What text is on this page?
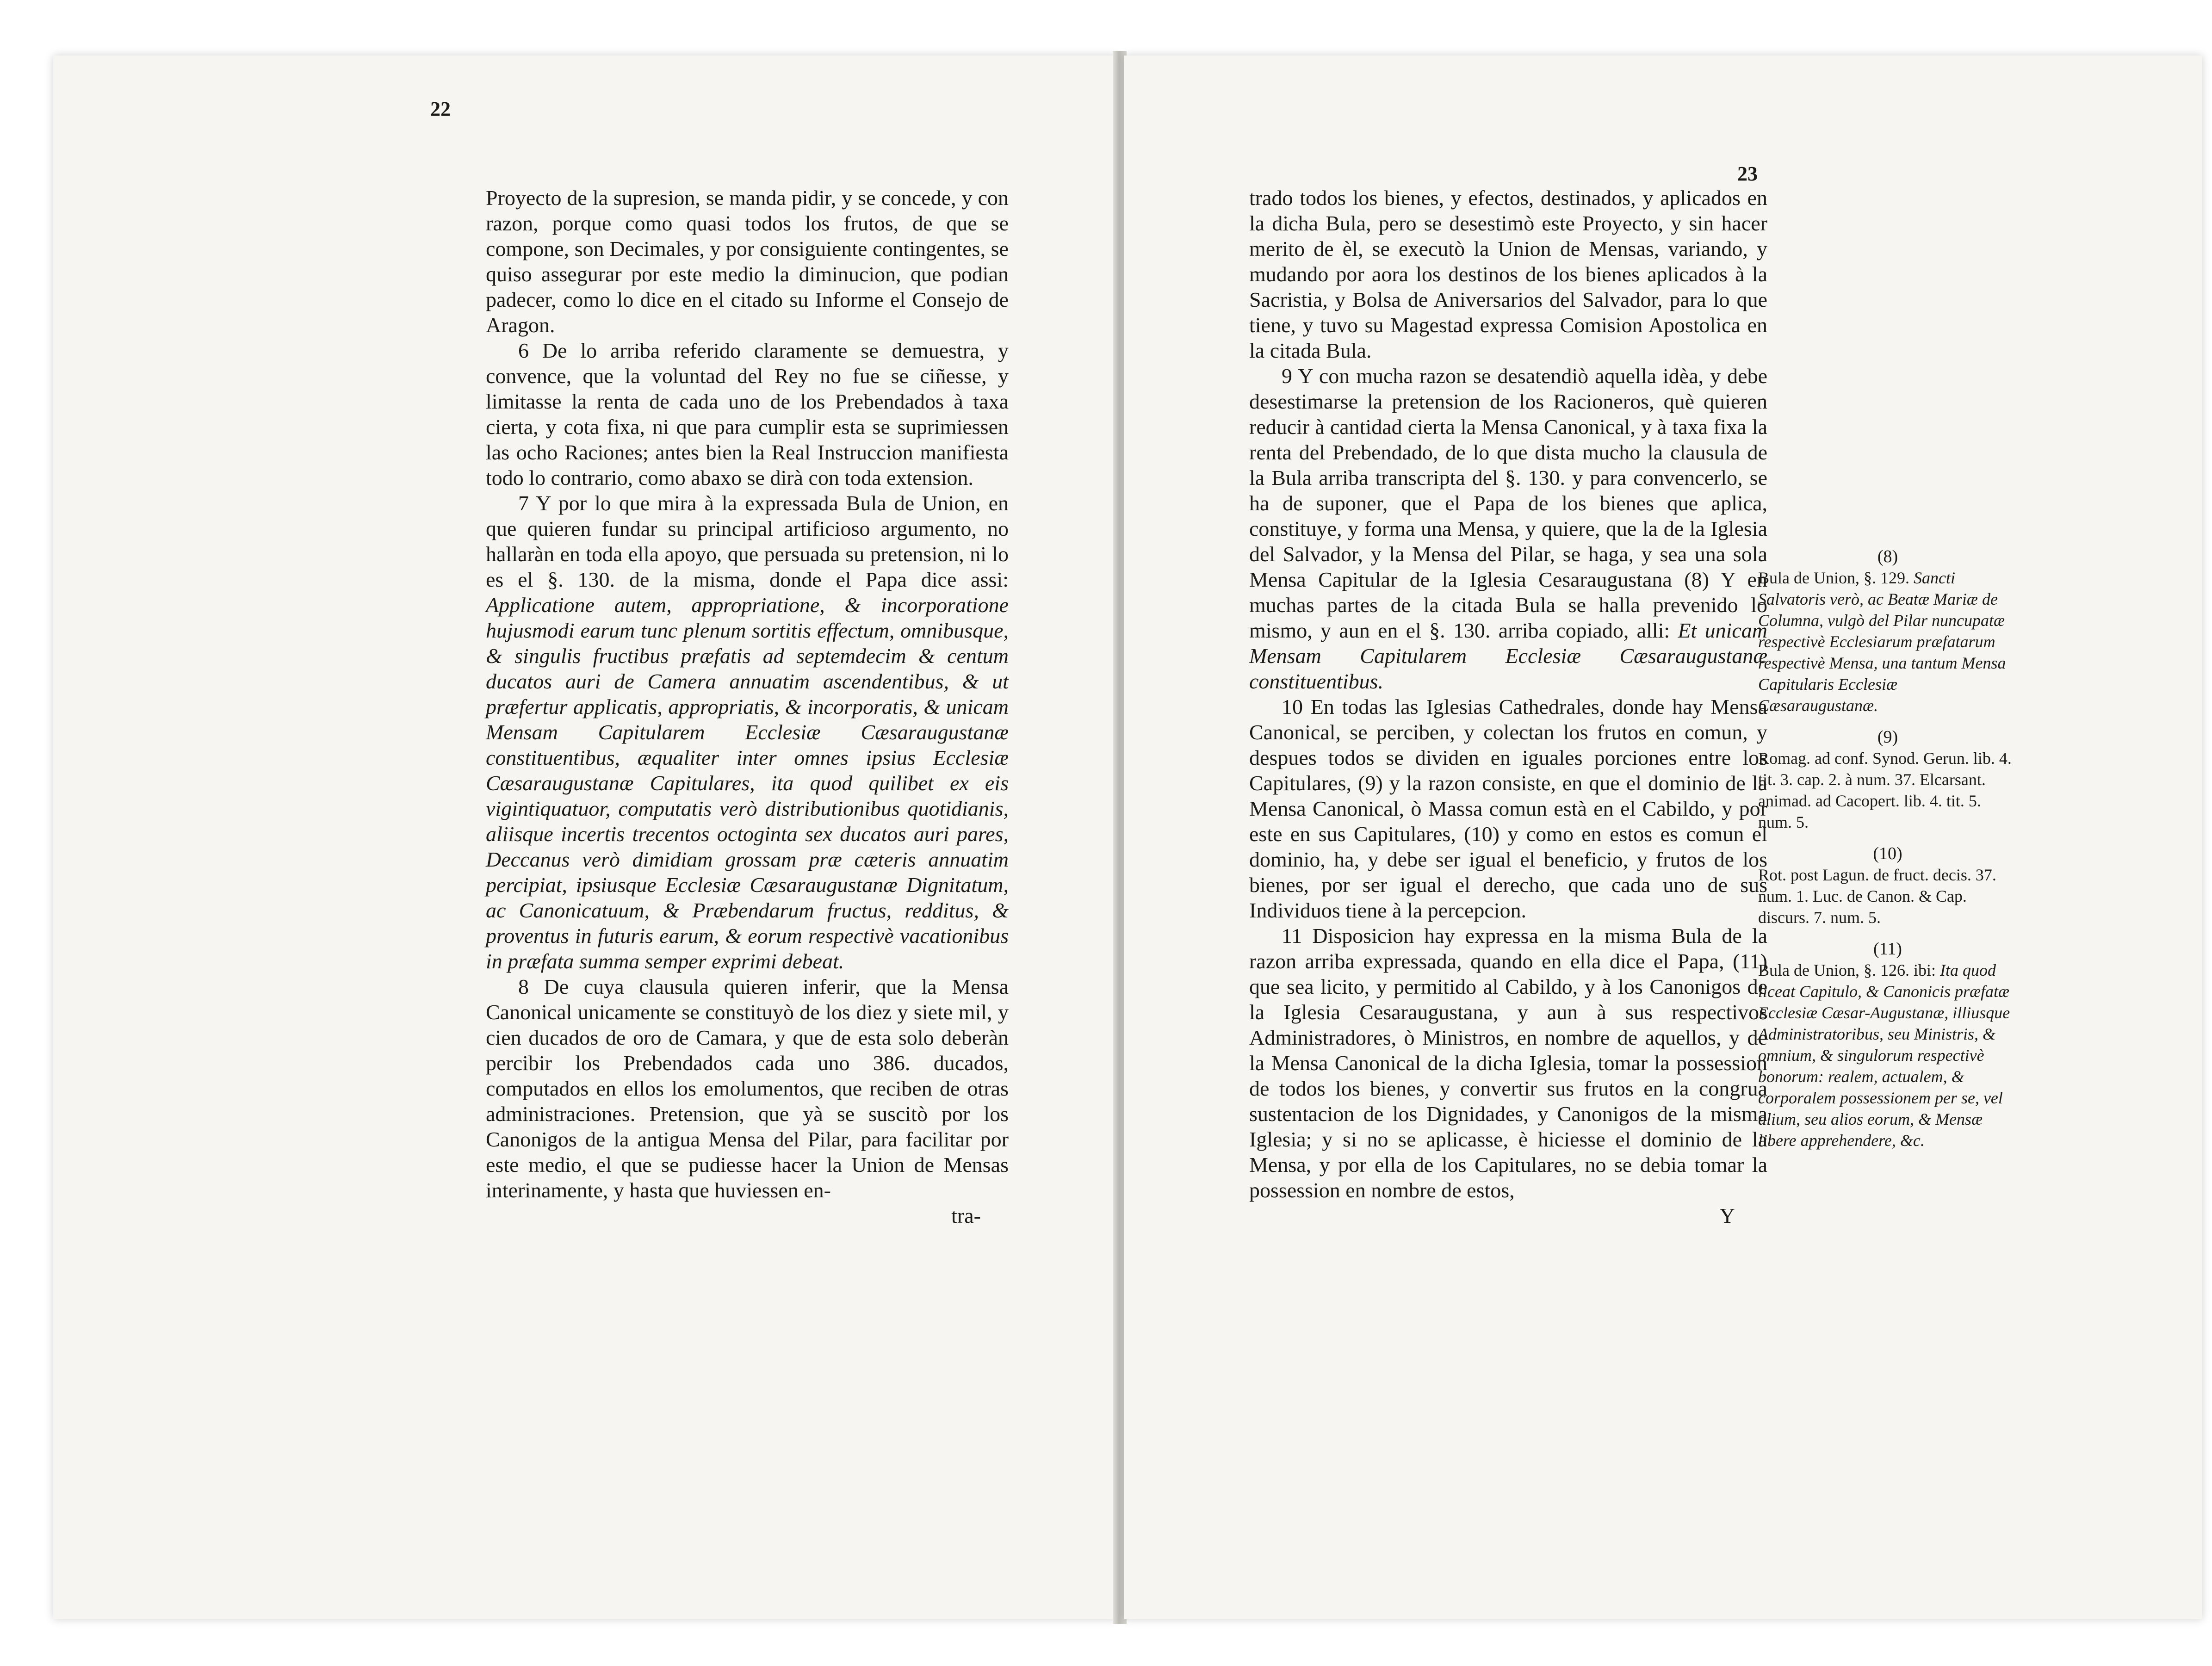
22
23

Proyecto de la supresion, se manda pidir, y se concede, y con razon, porque como quasi todos los frutos, de que se compone, son Decimales, y por consiguiente contingentes, se quiso assegurar por este medio la diminucion, que podian padecer, como lo dice en el citado su Informe el Consejo de Aragon.

6 De lo arriba referido claramente se demuestra, y convence, que la voluntad del Rey no fue se ciñesse, y limitasse la renta de cada uno de los Prebendados à taxa cierta, y cota fixa, ni que para cumplir esta se suprimiessen las ocho Raciones; antes bien la Real Instruccion manifiesta todo lo contrario, como abaxo se dirà con toda extension.

7 Y por lo que mira à la expressada Bula de Union, en que quieren fundar su principal artificioso argumento, no hallaràn en toda ella apoyo, que persuada su pretension, ni lo es el §. 130. de la misma, donde el Papa dice assi: Applicatione autem, appropriatione, & incorporatione hujusmodi earum tunc plenum sortitis effectum, omnibusque, & singulis fructibus præfatis ad septemdecim & centum ducatos auri de Camera annuatim ascendentibus, & ut præfertur applicatis, appropriatis, & incorporatis, & unicam Mensam Capitularem Ecclesiæ Cæsaraugustanæ constituentibus, æqualiter inter omnes ipsius Ecclesiæ Cæsaraugustanæ Capitulares, ita quod quilibet ex eis vigintiquatuor, computatis verò distributionibus quotidianis, aliisque incertis trecentos octoginta sex ducatos auri pares, Deccanus verò dimidiam grossam præ cæteris annuatim percipiat, ipsiusque Ecclesiæ Cæsaraugustanæ Dignitatum, ac Canonicatuum, & Præbendarum fructus, redditus, & proventus in futuris earum, & eorum respectivè vacationibus in præfata summa semper exprimi debeat.

8 De cuya clausula quieren inferir, que la Mensa Canonical unicamente se constituyò de los diez y siete mil, y cien ducados de oro de Camara, y que de esta solo deberàn percibir los Prebendados cada uno 386. ducados, computados en ellos los emolumentos, que reciben de otras administraciones. Pretension, que yà se suscitò por los Canonigos de la antigua Mensa del Pilar, para facilitar por este medio, el que se pudiesse hacer la Union de Mensas interinamente, y hasta que huviessen en-

tra-

trado todos los bienes, y efectos, destinados, y aplicados en la dicha Bula, pero se desestimò este Proyecto, y sin hacer merito de èl, se executò la Union de Mensas, variando, y mudando por aora los destinos de los bienes aplicados à la Sacristia, y Bolsa de Aniversarios del Salvador, para lo que tiene, y tuvo su Magestad expressa Comision Apostolica en la citada Bula.

9 Y con mucha razon se desatendiò aquella idèa, y debe desestimarse la pretension de los Racioneros, què quieren reducir à cantidad cierta la Mensa Canonical, y à taxa fixa la renta del Prebendado, de lo que dista mucho la clausula de la Bula arriba transcripta del §. 130. y para convencerlo, se ha de suponer, que el Papa de los bienes que aplica, constituye, y forma una Mensa, y quiere, que la de la Iglesia del Salvador, y la Mensa del Pilar, se haga, y sea una sola Mensa Capitular de la Iglesia Cesaraugustana (8) Y en muchas partes de la citada Bula se halla prevenido lo mismo, y aun en el §. 130. arriba copiado, alli: Et unicam Mensam Capitularem Ecclesiæ Cæsaraugustanæ constituentibus.

10 En todas las Iglesias Cathedrales, donde hay Mensa Canonical, se perciben, y colectan los frutos en comun, y despues todos se dividen en iguales porciones entre los Capitulares, (9) y la razon consiste, en que el dominio de la Mensa Canonical, ò Massa comun està en el Cabildo, y por este en sus Capitulares, (10) y como en estos es comun el dominio, ha, y debe ser igual el beneficio, y frutos de los bienes, por ser igual el derecho, que cada uno de sus Individuos tiene à la percepcion.

11 Disposicion hay expressa en la misma Bula de la razon arriba expressada, quando en ella dice el Papa, (11) que sea licito, y permitido al Cabildo, y à los Canonigos de la Iglesia Cesaraugustana, y aun à sus respectivos Administradores, ò Ministros, en nombre de aquellos, y de la Mensa Canonical de la dicha Iglesia, tomar la possession de todos los bienes, y convertir sus frutos en la congrua sustentacion de los Dignidades, y Canonigos de la misma Iglesia; y si no se aplicasse, è hiciesse el dominio de la Mensa, y por ella de los Capitulares, no se debia tomar la possession en nombre de estos,

Y

(8)
Bula de Union, §. 129. Sancti Salvatoris verò, ac Beatæ Mariæ de Columna, vulgò del Pilar nuncupatæ respectivè Ecclesiarum præfatarum respectivè Mensa, una tantum Mensa Capitularis Ecclesiæ Cæsaraugustanæ.
(9)
Romag. ad conf. Synod. Gerun. lib. 4. tit. 3. cap. 2. à num. 37. Elcarsant. animad. ad Cacopert. lib. 4. tit. 5. num. 5.
(10)
Rot. post Lagun. de fruct. decis. 37. num. 1. Luc. de Canon. & Cap. discurs. 7. num. 5.
(11)
Bula de Union, §. 126. ibi: Ita quod liceat Capitulo, & Canonicis præfatæ Ecclesiæ Cæsar-Augustanæ, illiusque Administratoribus, seu Ministris, & omnium, & singulorum respectivè bonorum: realem, actualem, & corporalem possessionem per se, vel alium, seu alios eorum, & Mensæ libere apprehendere, &c.
